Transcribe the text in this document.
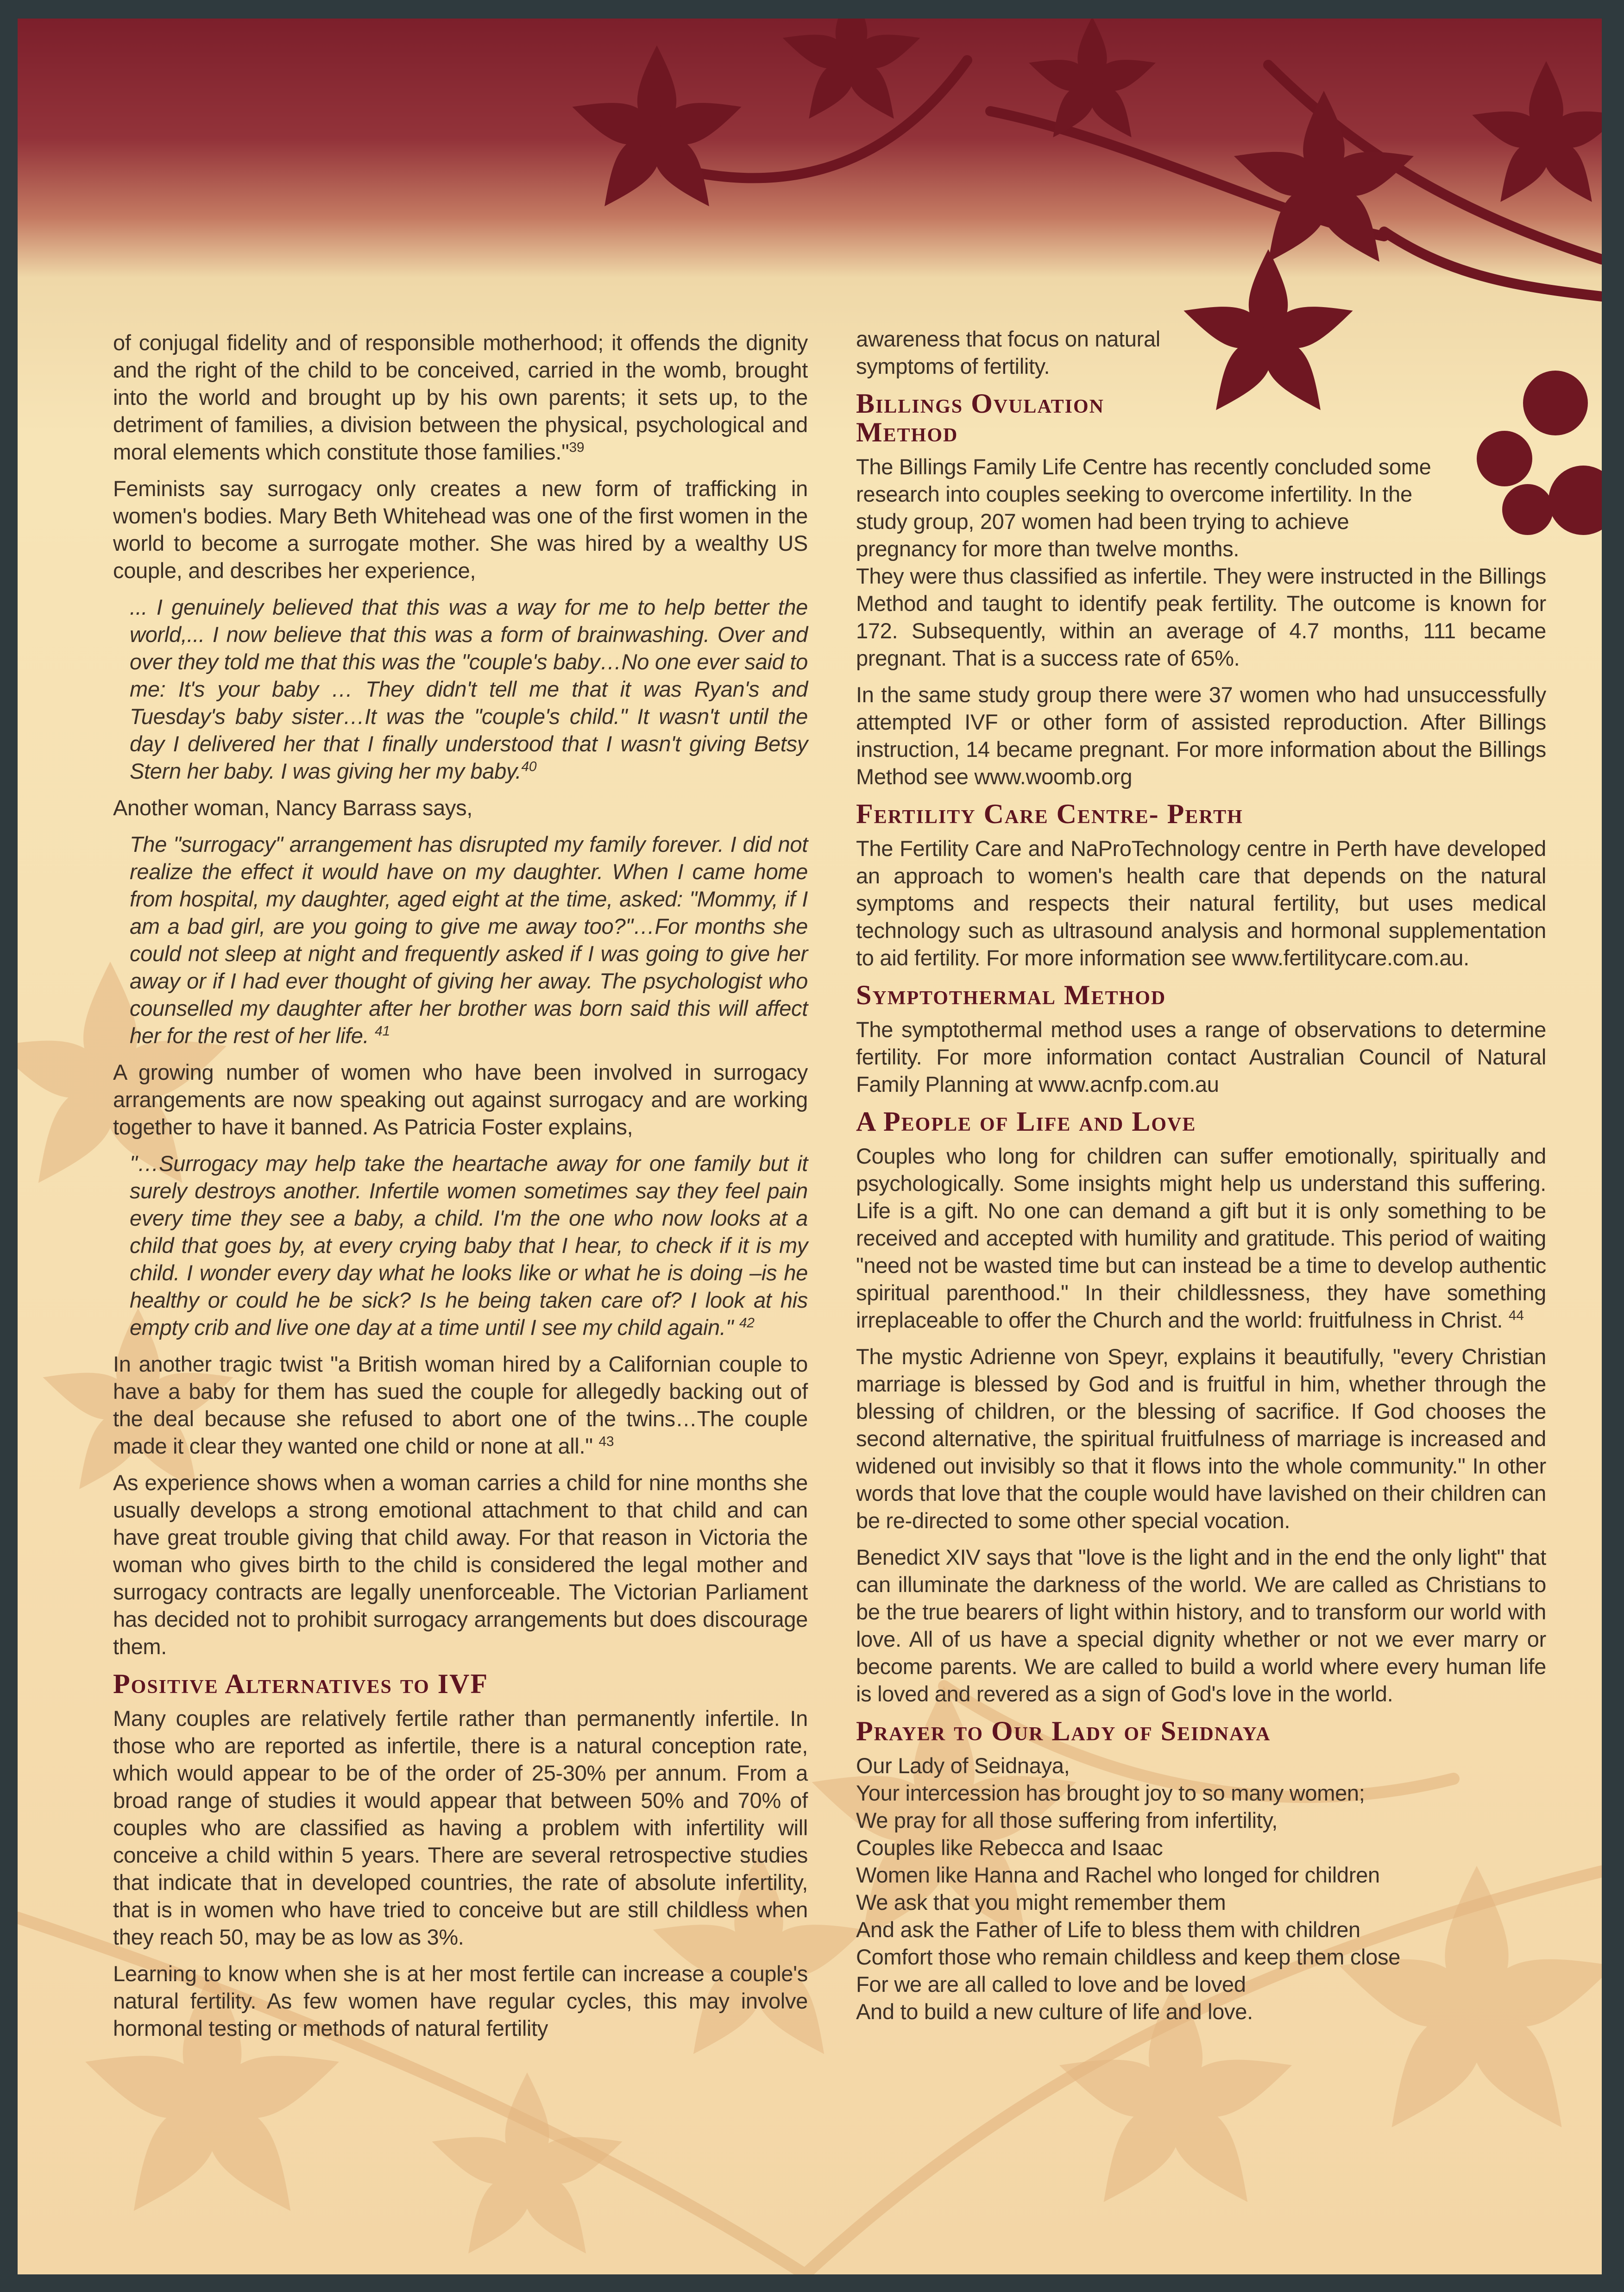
of conjugal fidelity and of responsible motherhood; it offends the dignity and the right of the child to be conceived, carried in the womb, brought into the world and brought up by his own parents; it sets up, to the detriment of families, a division between the physical, psychological and moral elements which constitute those families."$^{39}$

Feminists say surrogacy only creates a new form of trafficking in women's bodies. Mary Beth Whitehead was one of the first women in the world to become a surrogate mother. She was hired by a wealthy US couple, and describes her experience,

... I genuinely believed that this was a way for me to help better the world,... I now believe that this was a form of brainwashing. Over and over they told me that this was the "couple's baby…No one ever said to me: It's your baby … They didn't tell me that it was Ryan's and Tuesday's baby sister…It was the "couple's child." It wasn't until the day I delivered her that I finally understood that I wasn't giving Betsy Stern her baby. I was giving her my baby.$^{40}$

Another woman, Nancy Barrass says,

The "surrogacy" arrangement has disrupted my family forever. I did not realize the effect it would have on my daughter. When I came home from hospital, my daughter, aged eight at the time, asked: "Mommy, if I am a bad girl, are you going to give me away too?"…For months she could not sleep at night and frequently asked if I was going to give her away or if I had ever thought of giving her away. The psychologist who counselled my daughter after her brother was born said this will affect her for the rest of her life. $^{41}$

A growing number of women who have been involved in surrogacy arrangements are now speaking out against surrogacy and are working together to have it banned. As Patricia Foster explains,

"…Surrogacy may help take the heartache away for one family but it surely destroys another. Infertile women sometimes say they feel pain every time they see a baby, a child. I'm the one who now looks at a child that goes by, at every crying baby that I hear, to check if it is my child. I wonder every day what he looks like or what he is doing –is he healthy or could he be sick? Is he being taken care of? I look at his empty crib and live one day at a time until I see my child again." $^{42}$

In another tragic twist "a British woman hired by a Californian couple to have a baby for them has sued the couple for allegedly backing out of the deal because she refused to abort one of the twins…The couple made it clear they wanted one child or none at all." $^{43}$

As experience shows when a woman carries a child for nine months she usually develops a strong emotional attachment to that child and can have great trouble giving that child away. For that reason in Victoria the woman who gives birth to the child is considered the legal mother and surrogacy contracts are legally unenforceable. The Victorian Parliament has decided not to prohibit surrogacy arrangements but does discourage them.

Positive Alternatives to IVF

Many couples are relatively fertile rather than permanently infertile. In those who are reported as infertile, there is a natural conception rate, which would appear to be of the order of 25-30% per annum. From a broad range of studies it would appear that between 50% and 70% of couples who are classified as having a problem with infertility will conceive a child within 5 years. There are several retrospective studies that indicate that in developed countries, the rate of absolute infertility, that is in women who have tried to conceive but are still childless when they reach 50, may be as low as 3%.

Learning to know when she is at her most fertile can increase a couple's natural fertility. As few women have regular cycles, this may involve hormonal testing or methods of natural fertility

awareness that focus on natural symptoms of fertility.

Billings Ovulation Method

The Billings Family Life Centre has recently concluded some research into couples seeking to overcome infertility. In the study group, 207 women had been trying to achieve pregnancy for more than twelve months.

They were thus classified as infertile. They were instructed in the Billings Method and taught to identify peak fertility. The outcome is known for 172. Subsequently, within an average of 4.7 months, 111 became pregnant. That is a success rate of 65%.

In the same study group there were 37 women who had unsuccessfully attempted IVF or other form of assisted reproduction. After Billings instruction, 14 became pregnant. For more information about the Billings Method see www.woomb.org

Fertility Care Centre- Perth

The Fertility Care and NaProTechnology centre in Perth have developed an approach to women's health care that depends on the natural symptoms and respects their natural fertility, but uses medical technology such as ultrasound analysis and hormonal supplementation to aid fertility. For more information see www.fertilitycare.com.au.

Symptothermal Method

The symptothermal method uses a range of observations to determine fertility. For more information contact Australian Council of Natural Family Planning at www.acnfp.com.au

A People of Life and Love

Couples who long for children can suffer emotionally, spiritually and psychologically. Some insights might help us understand this suffering. Life is a gift. No one can demand a gift but it is only something to be received and accepted with humility and gratitude. This period of waiting "need not be wasted time but can instead be a time to develop authentic spiritual parenthood." In their childlessness, they have something irreplaceable to offer the Church and the world: fruitfulness in Christ. $^{44}$

The mystic Adrienne von Speyr, explains it beautifully, "every Christian marriage is blessed by God and is fruitful in him, whether through the blessing of children, or the blessing of sacrifice. If God chooses the second alternative, the spiritual fruitfulness of marriage is increased and widened out invisibly so that it flows into the whole community." In other words that love that the couple would have lavished on their children can be re-directed to some other special vocation.

Benedict XIV says that "love is the light and in the end the only light" that can illuminate the darkness of the world. We are called as Christians to be the true bearers of light within history, and to transform our world with love. All of us have a special dignity whether or not we ever marry or become parents. We are called to build a world where every human life is loved and revered as a sign of God's love in the world.

Prayer to Our Lady of Seidnaya

Our Lady of Seidnaya,

Your intercession has brought joy to so many women;

We pray for all those suffering from infertility,

Couples like Rebecca and Isaac

Women like Hanna and Rachel who longed for children

We ask that you might remember them

And ask the Father of Life to bless them with children

Comfort those who remain childless and keep them close

For we are all called to love and be loved

And to build a new culture of life and love.
